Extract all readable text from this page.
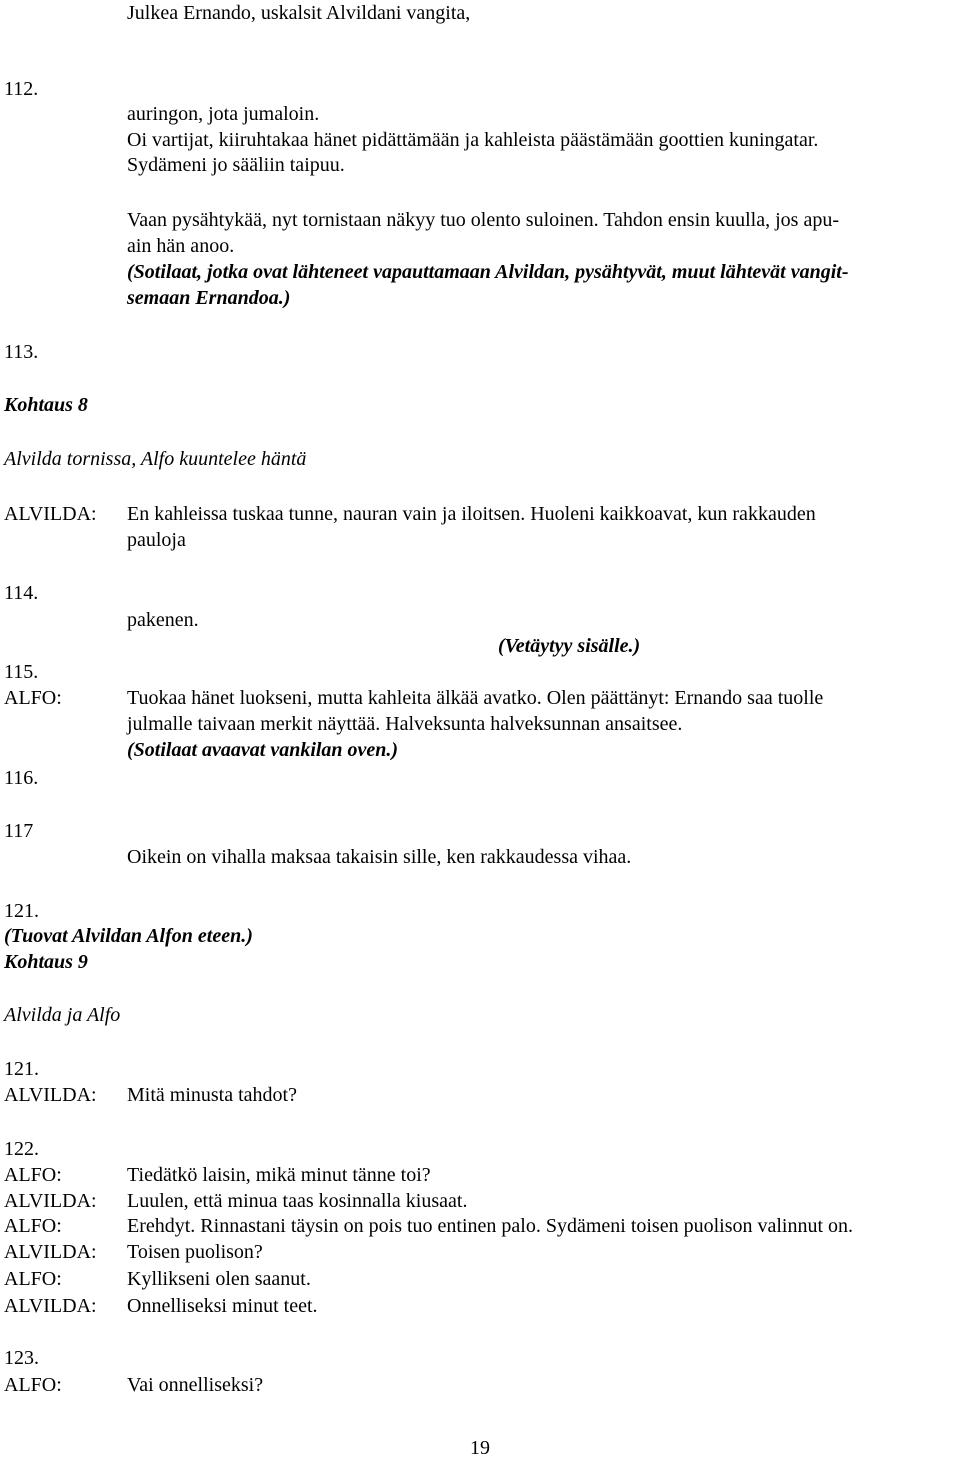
Julkea Ernando, uskalsit Alvildani vangita,
112.
auringon, jota jumaloin.
Oi vartijat, kiiruhtakaa hänet pidättämään ja kahleista päästämään goottien kuningatar.
Sydämeni jo sääliin taipuu.
Vaan pysähtykää, nyt tornistaan näkyy tuo olento suloinen. Tahdon ensin kuulla, jos apu-
ain hän anoo.
(Sotilaat, jotka ovat lähteneet vapauttamaan Alvildan, pysähtyvät, muut lähtevät vangit-
semaan Ernandoa.)
113.
Kohtaus 8
Alvilda tornissa, Alfo kuuntelee häntä
ALVILDA: En kahleissa tuskaa tunne, nauran vain ja iloitsen. Huoleni kaikkoavat, kun rakkauden
pauloja
114.
pakenen.
(Vetäytyy sisälle.)
115.
ALFO:	Tuokaa hänet luokseni, mutta kahleita älkää avatko. Olen päättänyt: Ernando saa tuolle
julmalle taivaan merkit näyttää. Halveksunta halveksunnan ansaitsee.
(Sotilaat avaavat vankilan oven.)
116.
117
Oikein on vihalla maksaa takaisin sille, ken rakkaudessa vihaa.
121.
(Tuovat Alvildan Alfon eteen.)
Kohtaus 9
Alvilda ja Alfo
121.
ALVILDA: Mitä minusta tahdot?
122.
ALFO:	Tiedätkö laisin, mikä minut tänne toi?
ALVILDA: Luulen, että minua taas kosinnalla kiusaat.
ALFO:	Erehdyt. Rinnastani täysin on pois tuo entinen palo. Sydämeni toisen puolison valinnut on.
ALVILDA: Toisen puolison?
ALFO:	Kyllikseni olen saanut.
ALVILDA: Onnelliseksi minut teet.
123.
ALFO:	Vai onnelliseksi?
19
